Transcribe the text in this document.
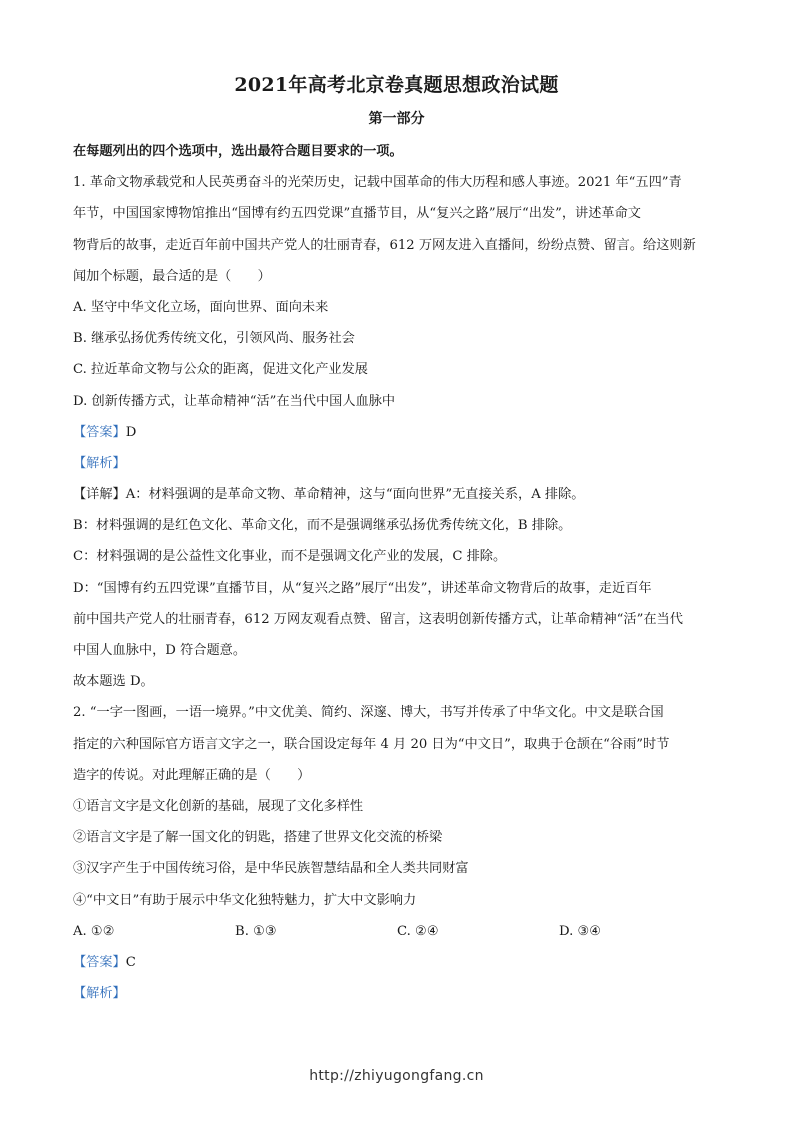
2021年高考北京卷真题思想政治试题
第一部分
在每题列出的四个选项中，选出最符合题目要求的一项。
1. 革命文物承载党和人民英勇奋斗的光荣历史，记载中国革命的伟大历程和感人事迹。2021 年“五四”青
年节，中国国家博物馆推出“国博有约五四党课”直播节目，从“复兴之路”展厅“出发”，讲述革命文
物背后的故事，走近百年前中国共产党人的壮丽青春，612 万网友进入直播间，纷纷点赞、留言。给这则新
闻加个标题，最合适的是（　　）
A. 坚守中华文化立场，面向世界、面向未来
B. 继承弘扬优秀传统文化，引领风尚、服务社会
C. 拉近革命文物与公众的距离，促进文化产业发展
D. 创新传播方式，让革命精神“活”在当代中国人血脉中
【答案】D
【解析】
【详解】A：材料强调的是革命文物、革命精神，这与“面向世界”无直接关系，A 排除。
B：材料强调的是红色文化、革命文化，而不是强调继承弘扬优秀传统文化，B 排除。
C：材料强调的是公益性文化事业，而不是强调文化产业的发展，C 排除。
D：“国博有约五四党课”直播节目，从“复兴之路”展厅“出发”，讲述革命文物背后的故事，走近百年
前中国共产党人的壮丽青春，612 万网友观看点赞、留言，这表明创新传播方式，让革命精神“活”在当代
中国人血脉中，D 符合题意。
故本题选 D。
2. “一字一图画，一语一境界。”中文优美、简约、深邃、博大，书写并传承了中华文化。中文是联合国
指定的六种国际官方语言文字之一，联合国设定每年 4 月 20 日为“中文日”，取典于仓颉在“谷雨”时节
造字的传说。对此理解正确的是（　　）
①语言文字是文化创新的基础，展现了文化多样性
②语言文字是了解一国文化的钥匙，搭建了世界文化交流的桥梁
③汉字产生于中国传统习俗，是中华民族智慧结晶和全人类共同财富
④“中文日”有助于展示中华文化独特魅力，扩大中文影响力
A. ①②	B. ①③	C. ②④	D. ③④
【答案】C
【解析】
http://zhiyugongfang.cn
